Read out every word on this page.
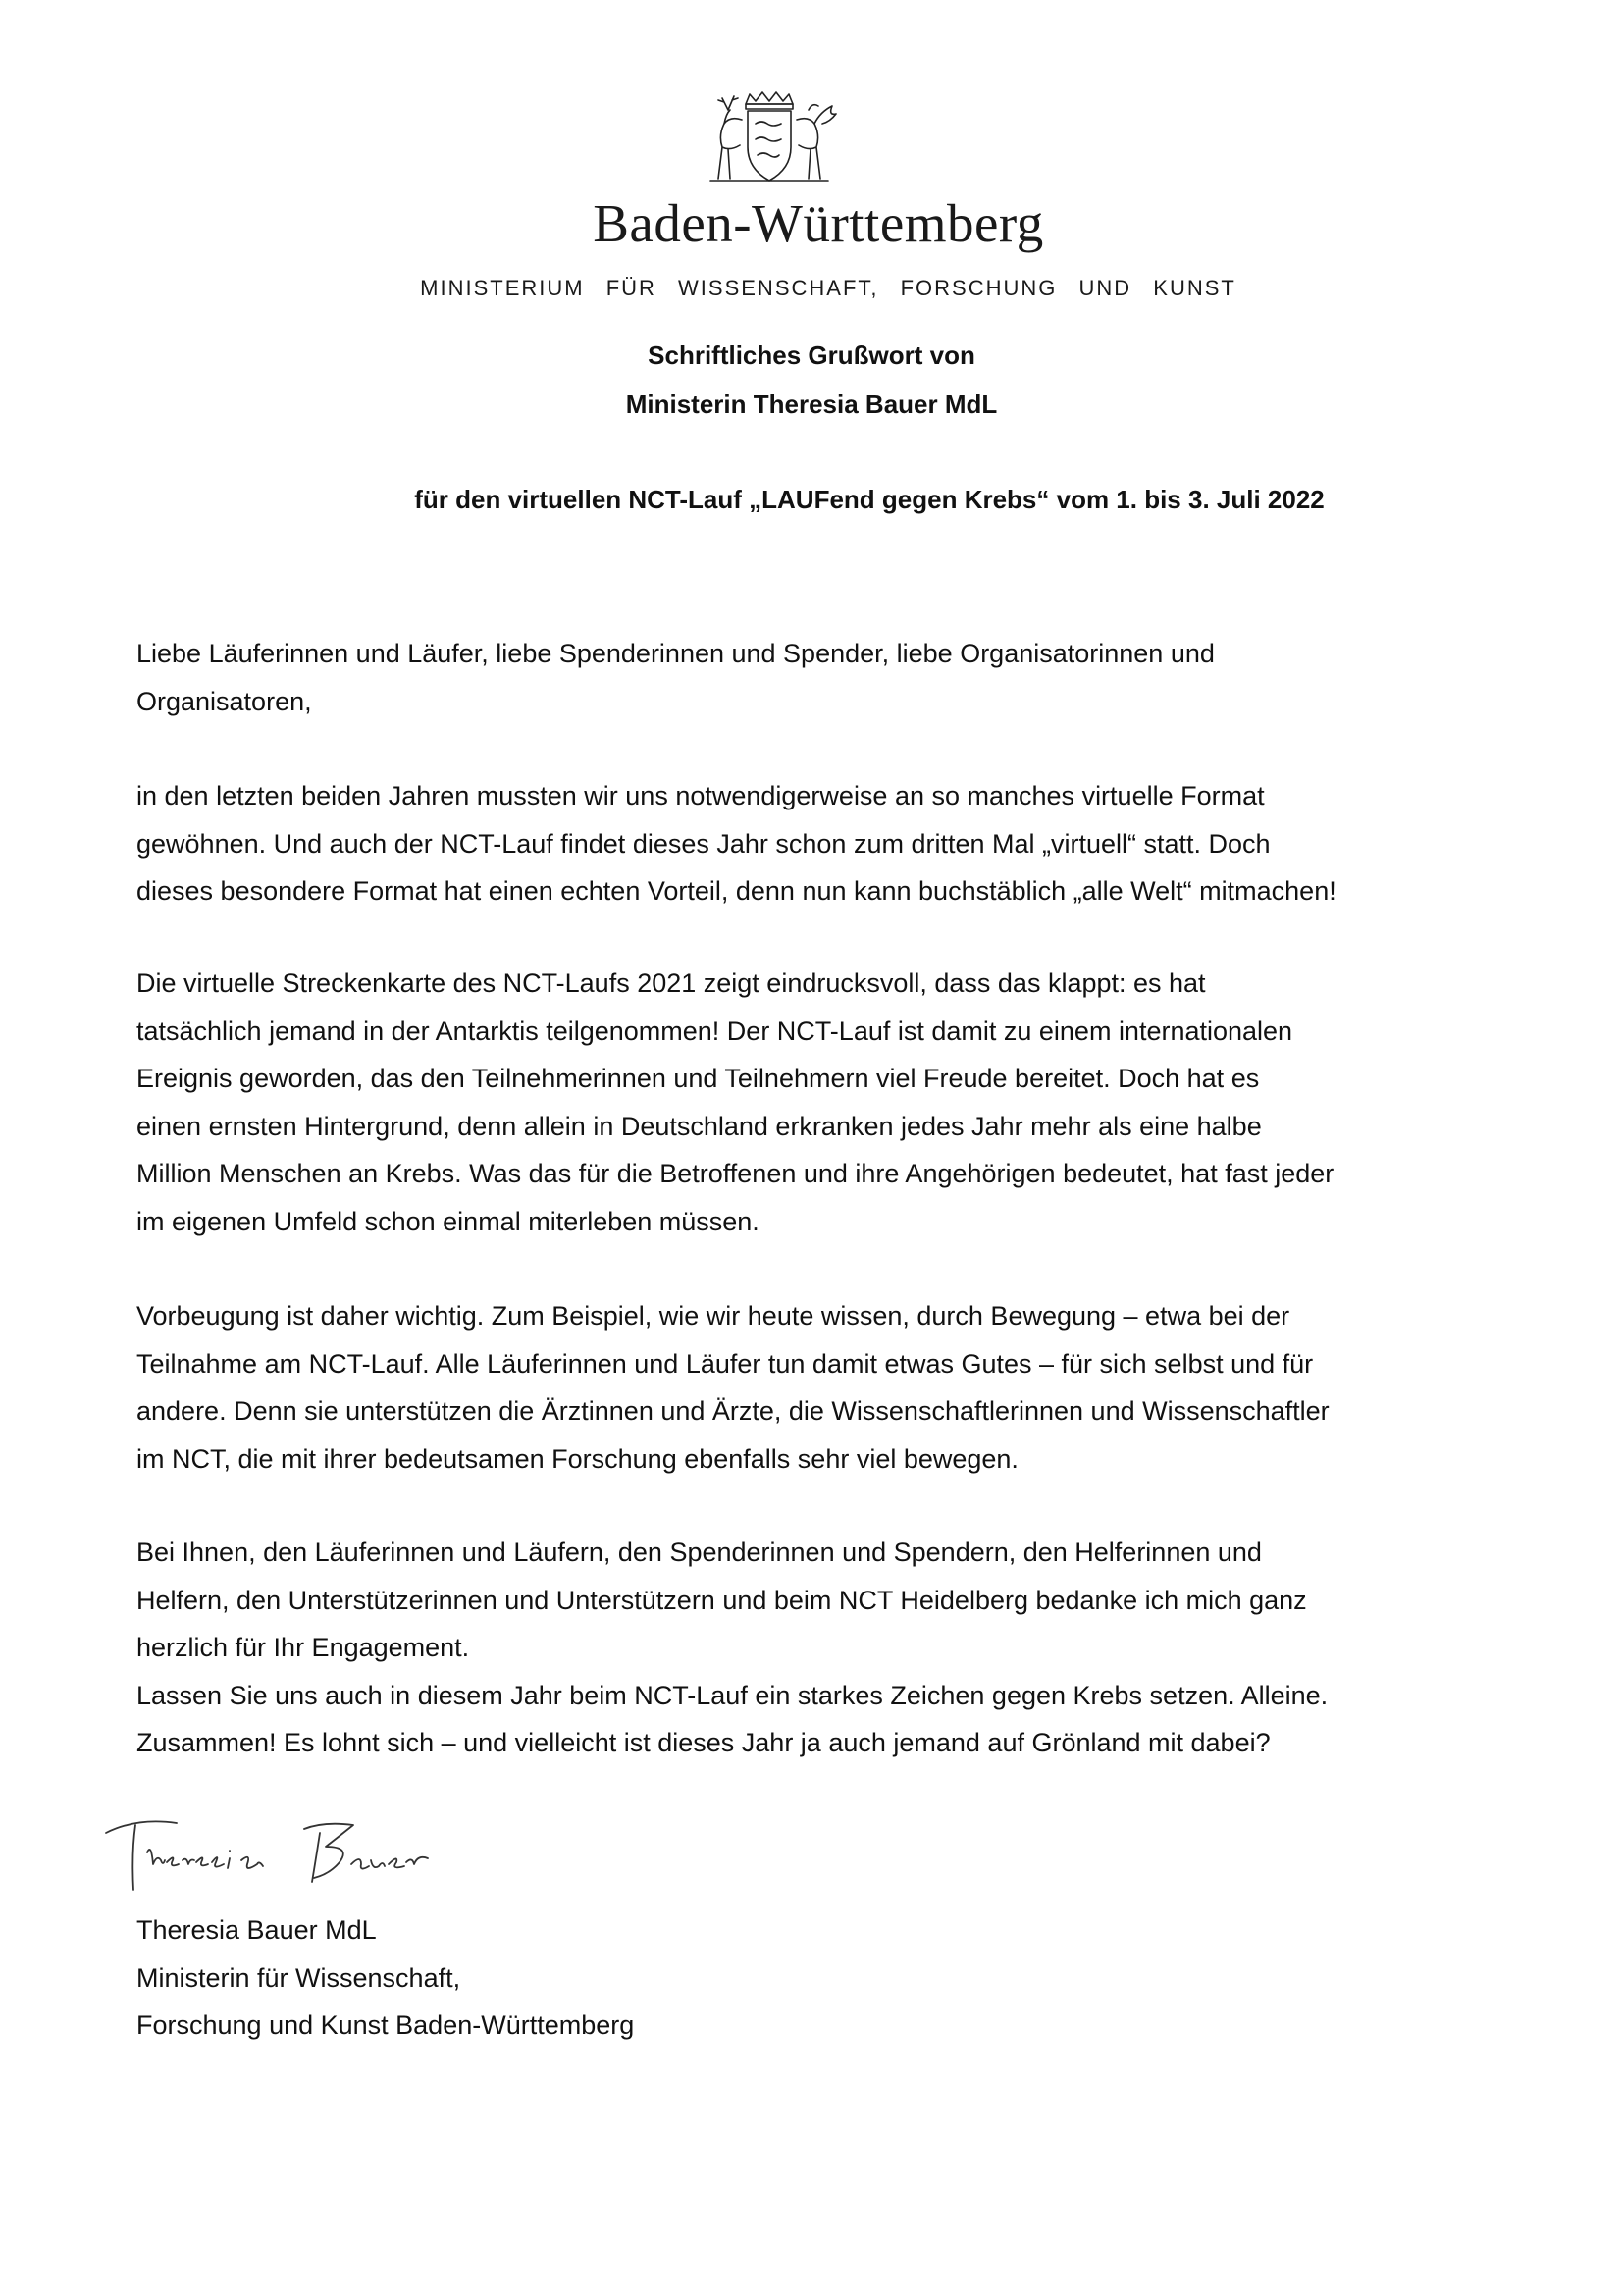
Baden-Württemberg
MINISTERIUM FÜR WISSENSCHAFT, FORSCHUNG UND KUNST
Schriftliches Grußwort von
Ministerin Theresia Bauer MdL
für den virtuellen NCT-Lauf „LAUFend gegen Krebs“ vom 1. bis 3. Juli 2022

Liebe Läuferinnen und Läufer, liebe Spenderinnen und Spender, liebe Organisatorinnen und
Organisatoren,

in den letzten beiden Jahren mussten wir uns notwendigerweise an so manches virtuelle Format
gewöhnen. Und auch der NCT-Lauf findet dieses Jahr schon zum dritten Mal „virtuell“ statt. Doch
dieses besondere Format hat einen echten Vorteil, denn nun kann buchstäblich „alle Welt“ mitmachen!

Die virtuelle Streckenkarte des NCT-Laufs 2021 zeigt eindrucksvoll, dass das klappt: es hat
tatsächlich jemand in der Antarktis teilgenommen! Der NCT-Lauf ist damit zu einem internationalen
Ereignis geworden, das den Teilnehmerinnen und Teilnehmern viel Freude bereitet. Doch hat es
einen ernsten Hintergrund, denn allein in Deutschland erkranken jedes Jahr mehr als eine halbe
Million Menschen an Krebs. Was das für die Betroffenen und ihre Angehörigen bedeutet, hat fast jeder
im eigenen Umfeld schon einmal miterleben müssen.

Vorbeugung ist daher wichtig. Zum Beispiel, wie wir heute wissen, durch Bewegung – etwa bei der
Teilnahme am NCT-Lauf. Alle Läuferinnen und Läufer tun damit etwas Gutes – für sich selbst und für
andere. Denn sie unterstützen die Ärztinnen und Ärzte, die Wissenschaftlerinnen und Wissenschaftler
im NCT, die mit ihrer bedeutsamen Forschung ebenfalls sehr viel bewegen.

Bei Ihnen, den Läuferinnen und Läufern, den Spenderinnen und Spendern, den Helferinnen und
Helfern, den Unterstützerinnen und Unterstützern und beim NCT Heidelberg bedanke ich mich ganz
herzlich für Ihr Engagement.
Lassen Sie uns auch in diesem Jahr beim NCT-Lauf ein starkes Zeichen gegen Krebs setzen. Alleine.
Zusammen! Es lohnt sich – und vielleicht ist dieses Jahr ja auch jemand auf Grönland mit dabei?

Theresia Bauer MdL
Ministerin für Wissenschaft,
Forschung und Kunst Baden-Württemberg
